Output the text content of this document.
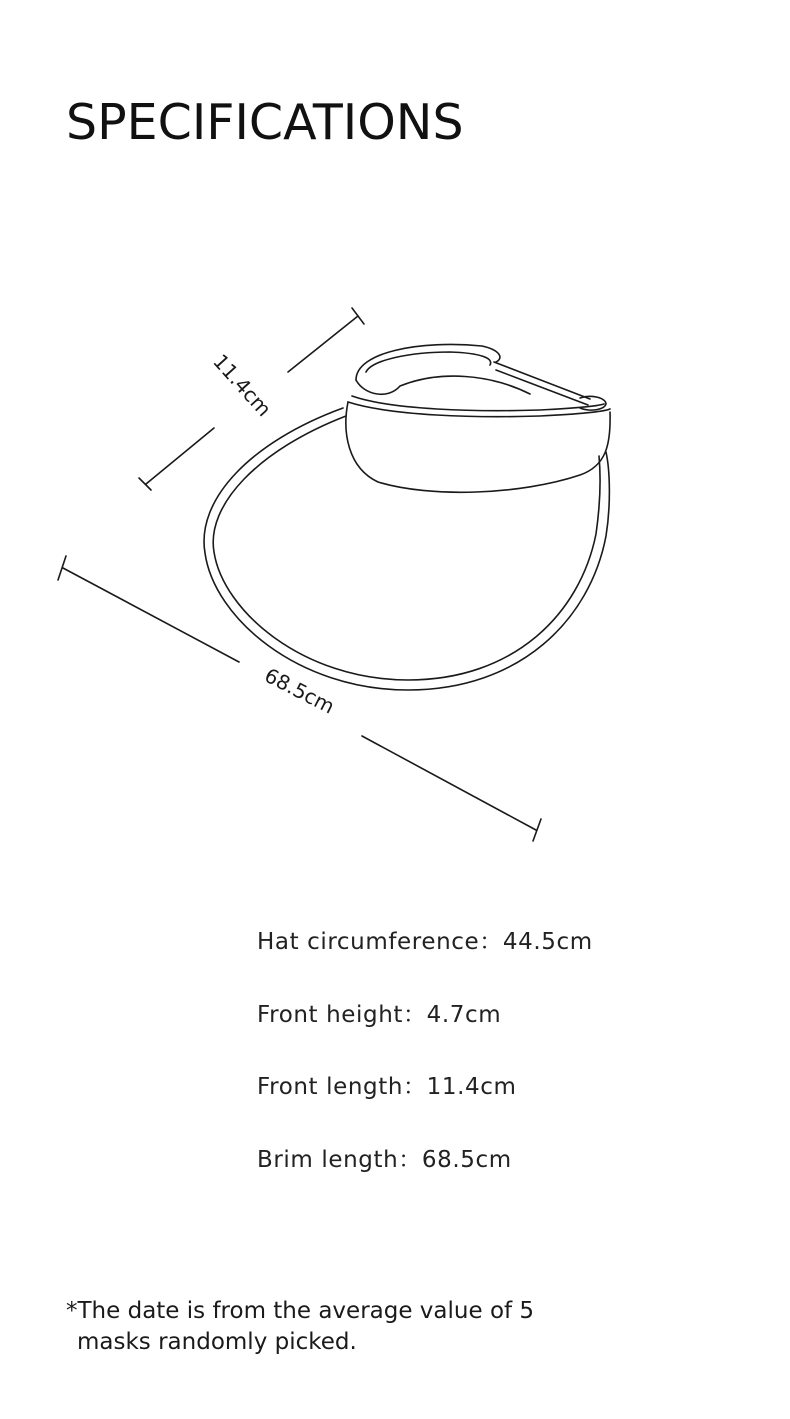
SPECIFICATIONS
11.4cm
68.5cm
Hat circumference：44.5cm
Front height：4.7cm
Front length：11.4cm
Brim length：68.5cm
*The date is from the average value of 5
masks randomly picked.
